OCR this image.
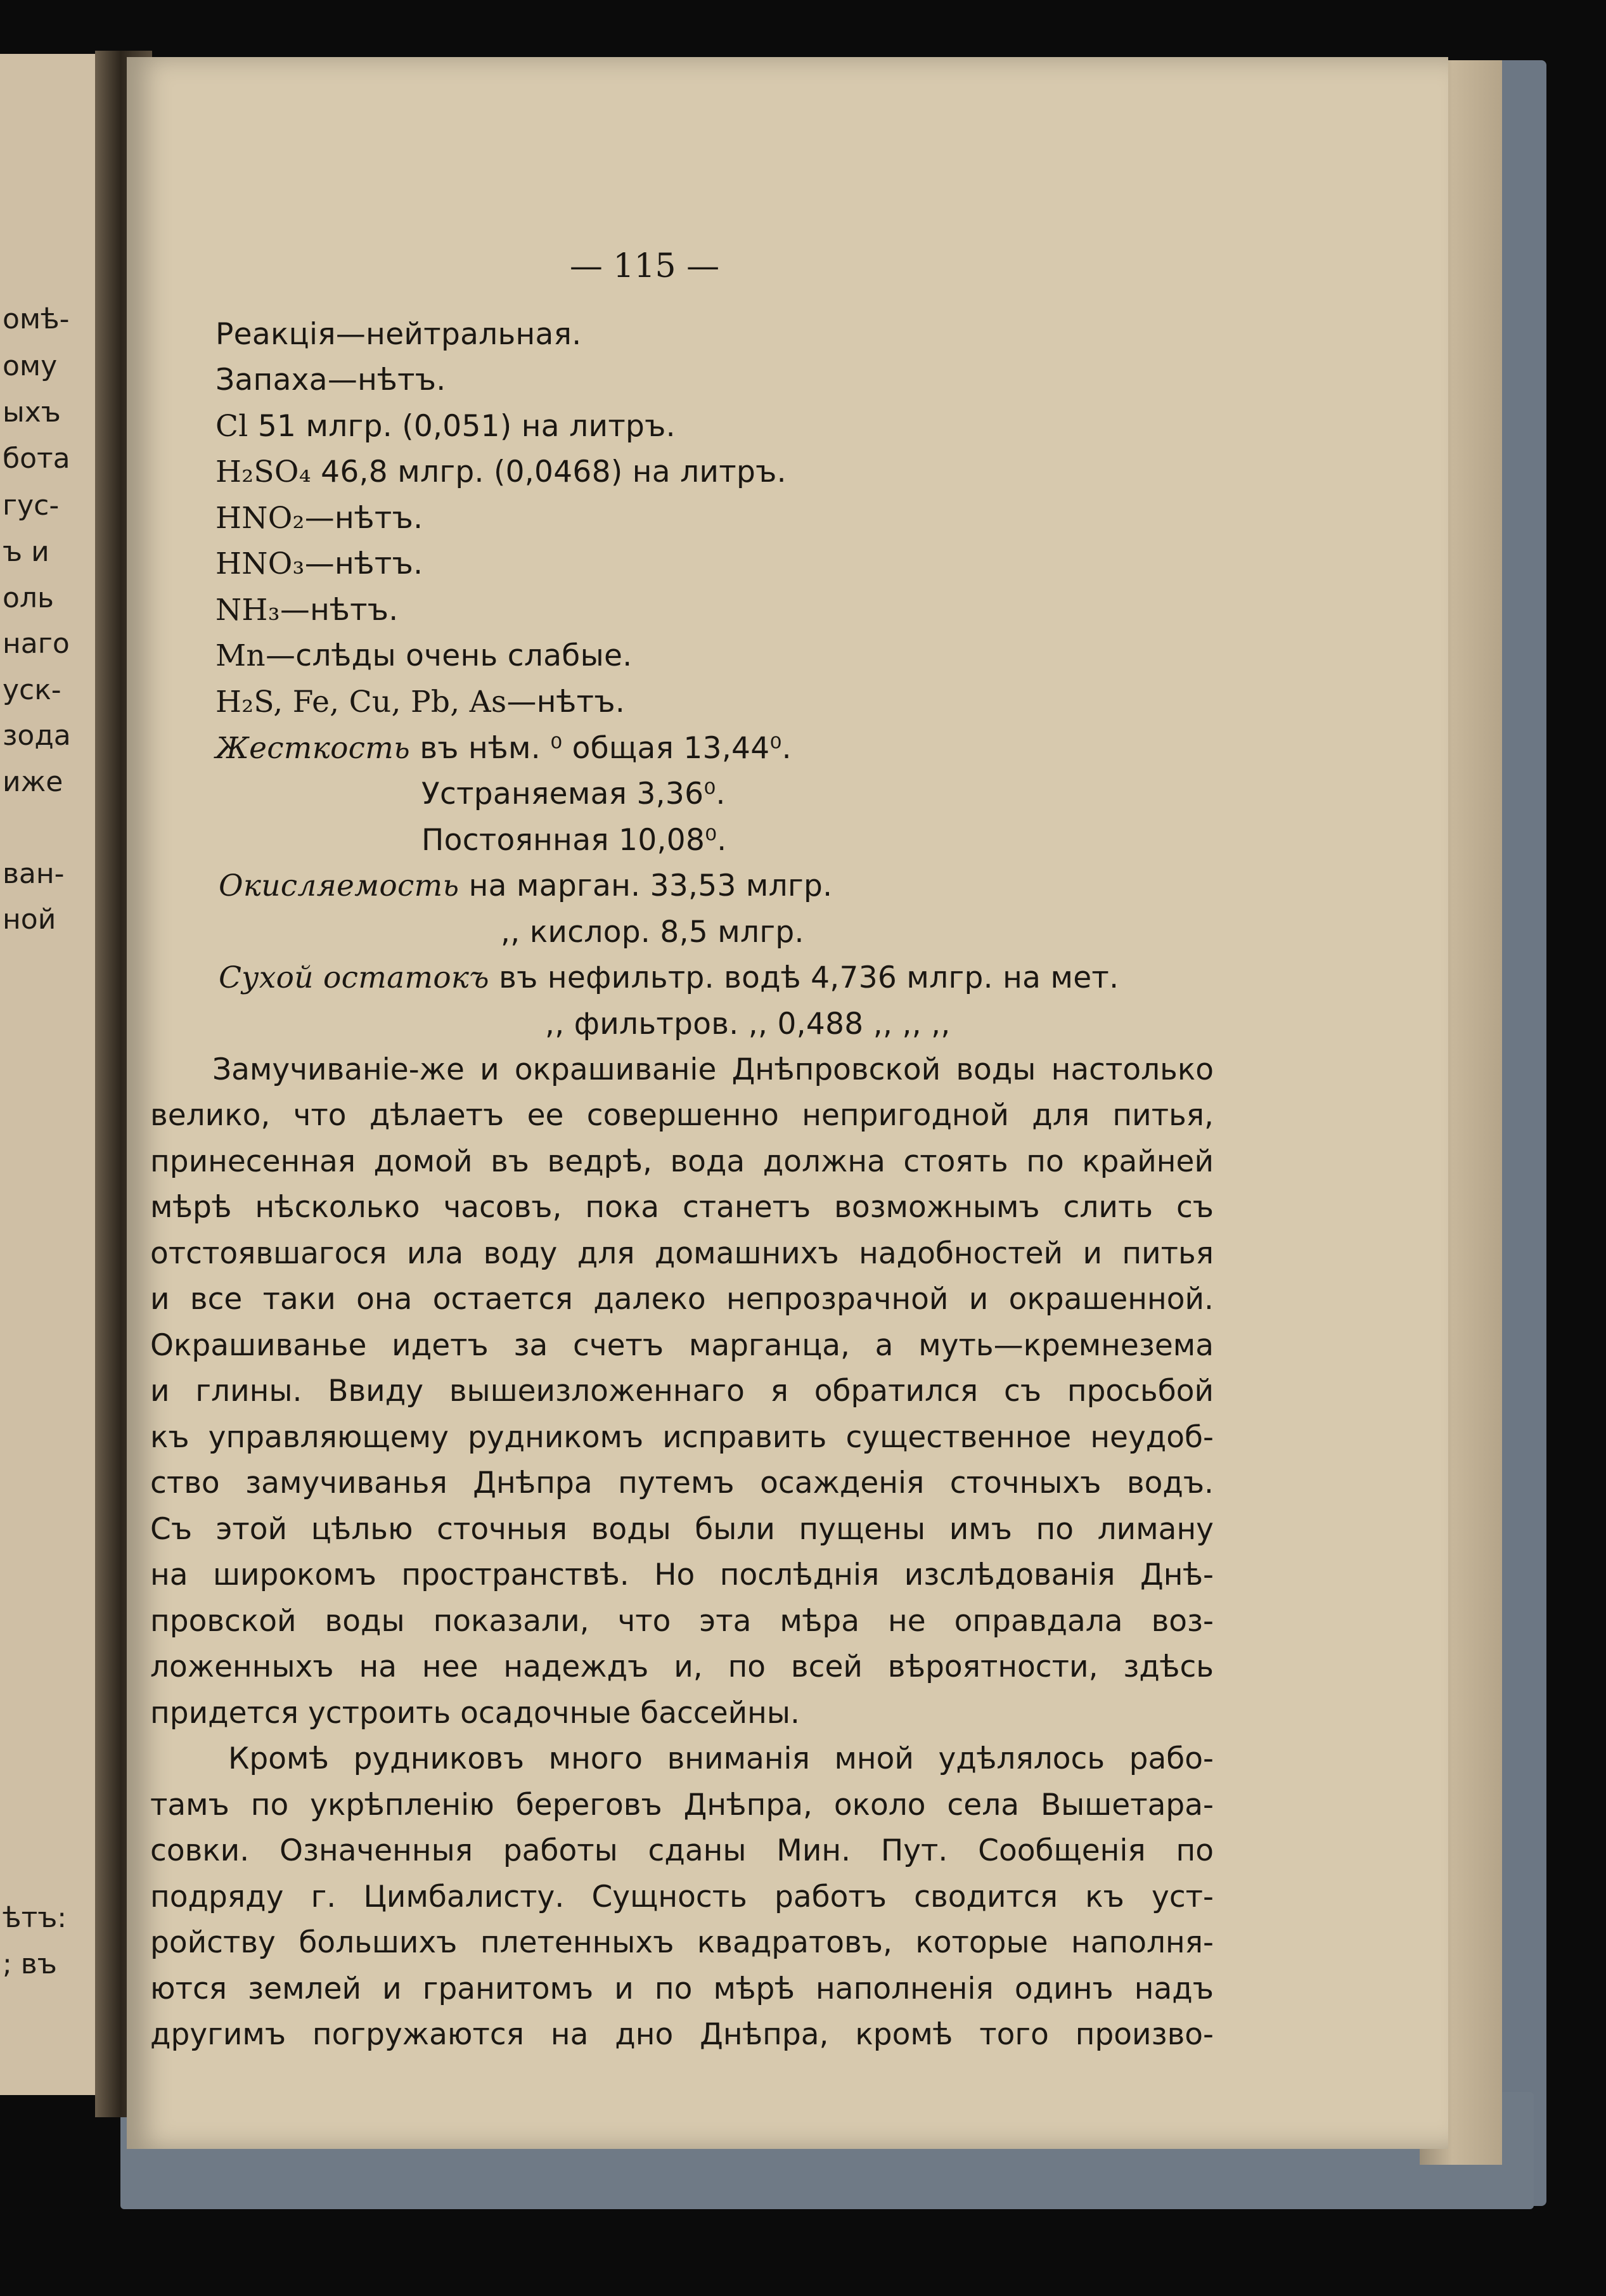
омѣ-
ому
ыхъ
бота
гус-
ъ и
оль
наго
уск-
зода
иже
ван-
ной
ѣтъ:
; въ
— 115 —
Реакція—нейтральная.
Запаха—нѣтъ.
Cl 51 млгр. (0,051) на литръ.
H₂SO₄ 46,8 млгр. (0,0468) на литръ.
HNO₂—нѣтъ.
HNO₃—нѣтъ.
NH₃—нѣтъ.
Mn—слѣды очень слабые.
H₂S, Fe, Cu, Pb, As—нѣтъ.
Жесткость въ нѣм. ⁰ общая 13,44⁰.
Устраняемая 3,36⁰.
Постоянная 10,08⁰.
Окисляемость на марган. 33,53 млгр.
,, кислор. 8,5 млгр.
Сухой остатокъ въ нефильтр. водѣ 4,736 млгр. на мет.
,, фильтров. ,, 0,488 ,, ,, ,,
Замучиваніе-же и окрашиваніе Днѣпровской воды настолько
велико, что дѣлаетъ ее совершенно непригодной для питья,
принесенная домой въ ведрѣ, вода должна стоять по крайней
мѣрѣ нѣсколько часовъ, пока станетъ возможнымъ слить съ
отстоявшагося ила воду для домашнихъ надобностей и питья
и все таки она остается далеко непрозрачной и окрашенной.
Окрашиванье идетъ за счетъ марганца, а муть—кремнезема
и глины. Ввиду вышеизложеннаго я обратился съ просьбой
къ управляющему рудникомъ исправить существенное неудоб-
ство замучиванья Днѣпра путемъ осажденія сточныхъ водъ.
Съ этой цѣлью сточныя воды были пущены имъ по лиману
на широкомъ пространствѣ. Но послѣднія изслѣдованія Днѣ-
провской воды показали, что эта мѣра не оправдала воз-
ложенныхъ на нее надеждъ и, по всей вѣроятности, здѣсь
придется устроить осадочные бассейны.
Кромѣ рудниковъ много вниманія мной удѣлялось рабо-
тамъ по укрѣпленію береговъ Днѣпра, около села Вышетара-
совки. Означенныя работы сданы Мин. Пут. Сообщенія по
подряду г. Цимбалисту. Сущность работъ сводится къ уст-
ройству большихъ плетенныхъ квадратовъ, которые наполня-
ются землей и гранитомъ и по мѣрѣ наполненія одинъ надъ
другимъ погружаются на дно Днѣпра, кромѣ того произво-
